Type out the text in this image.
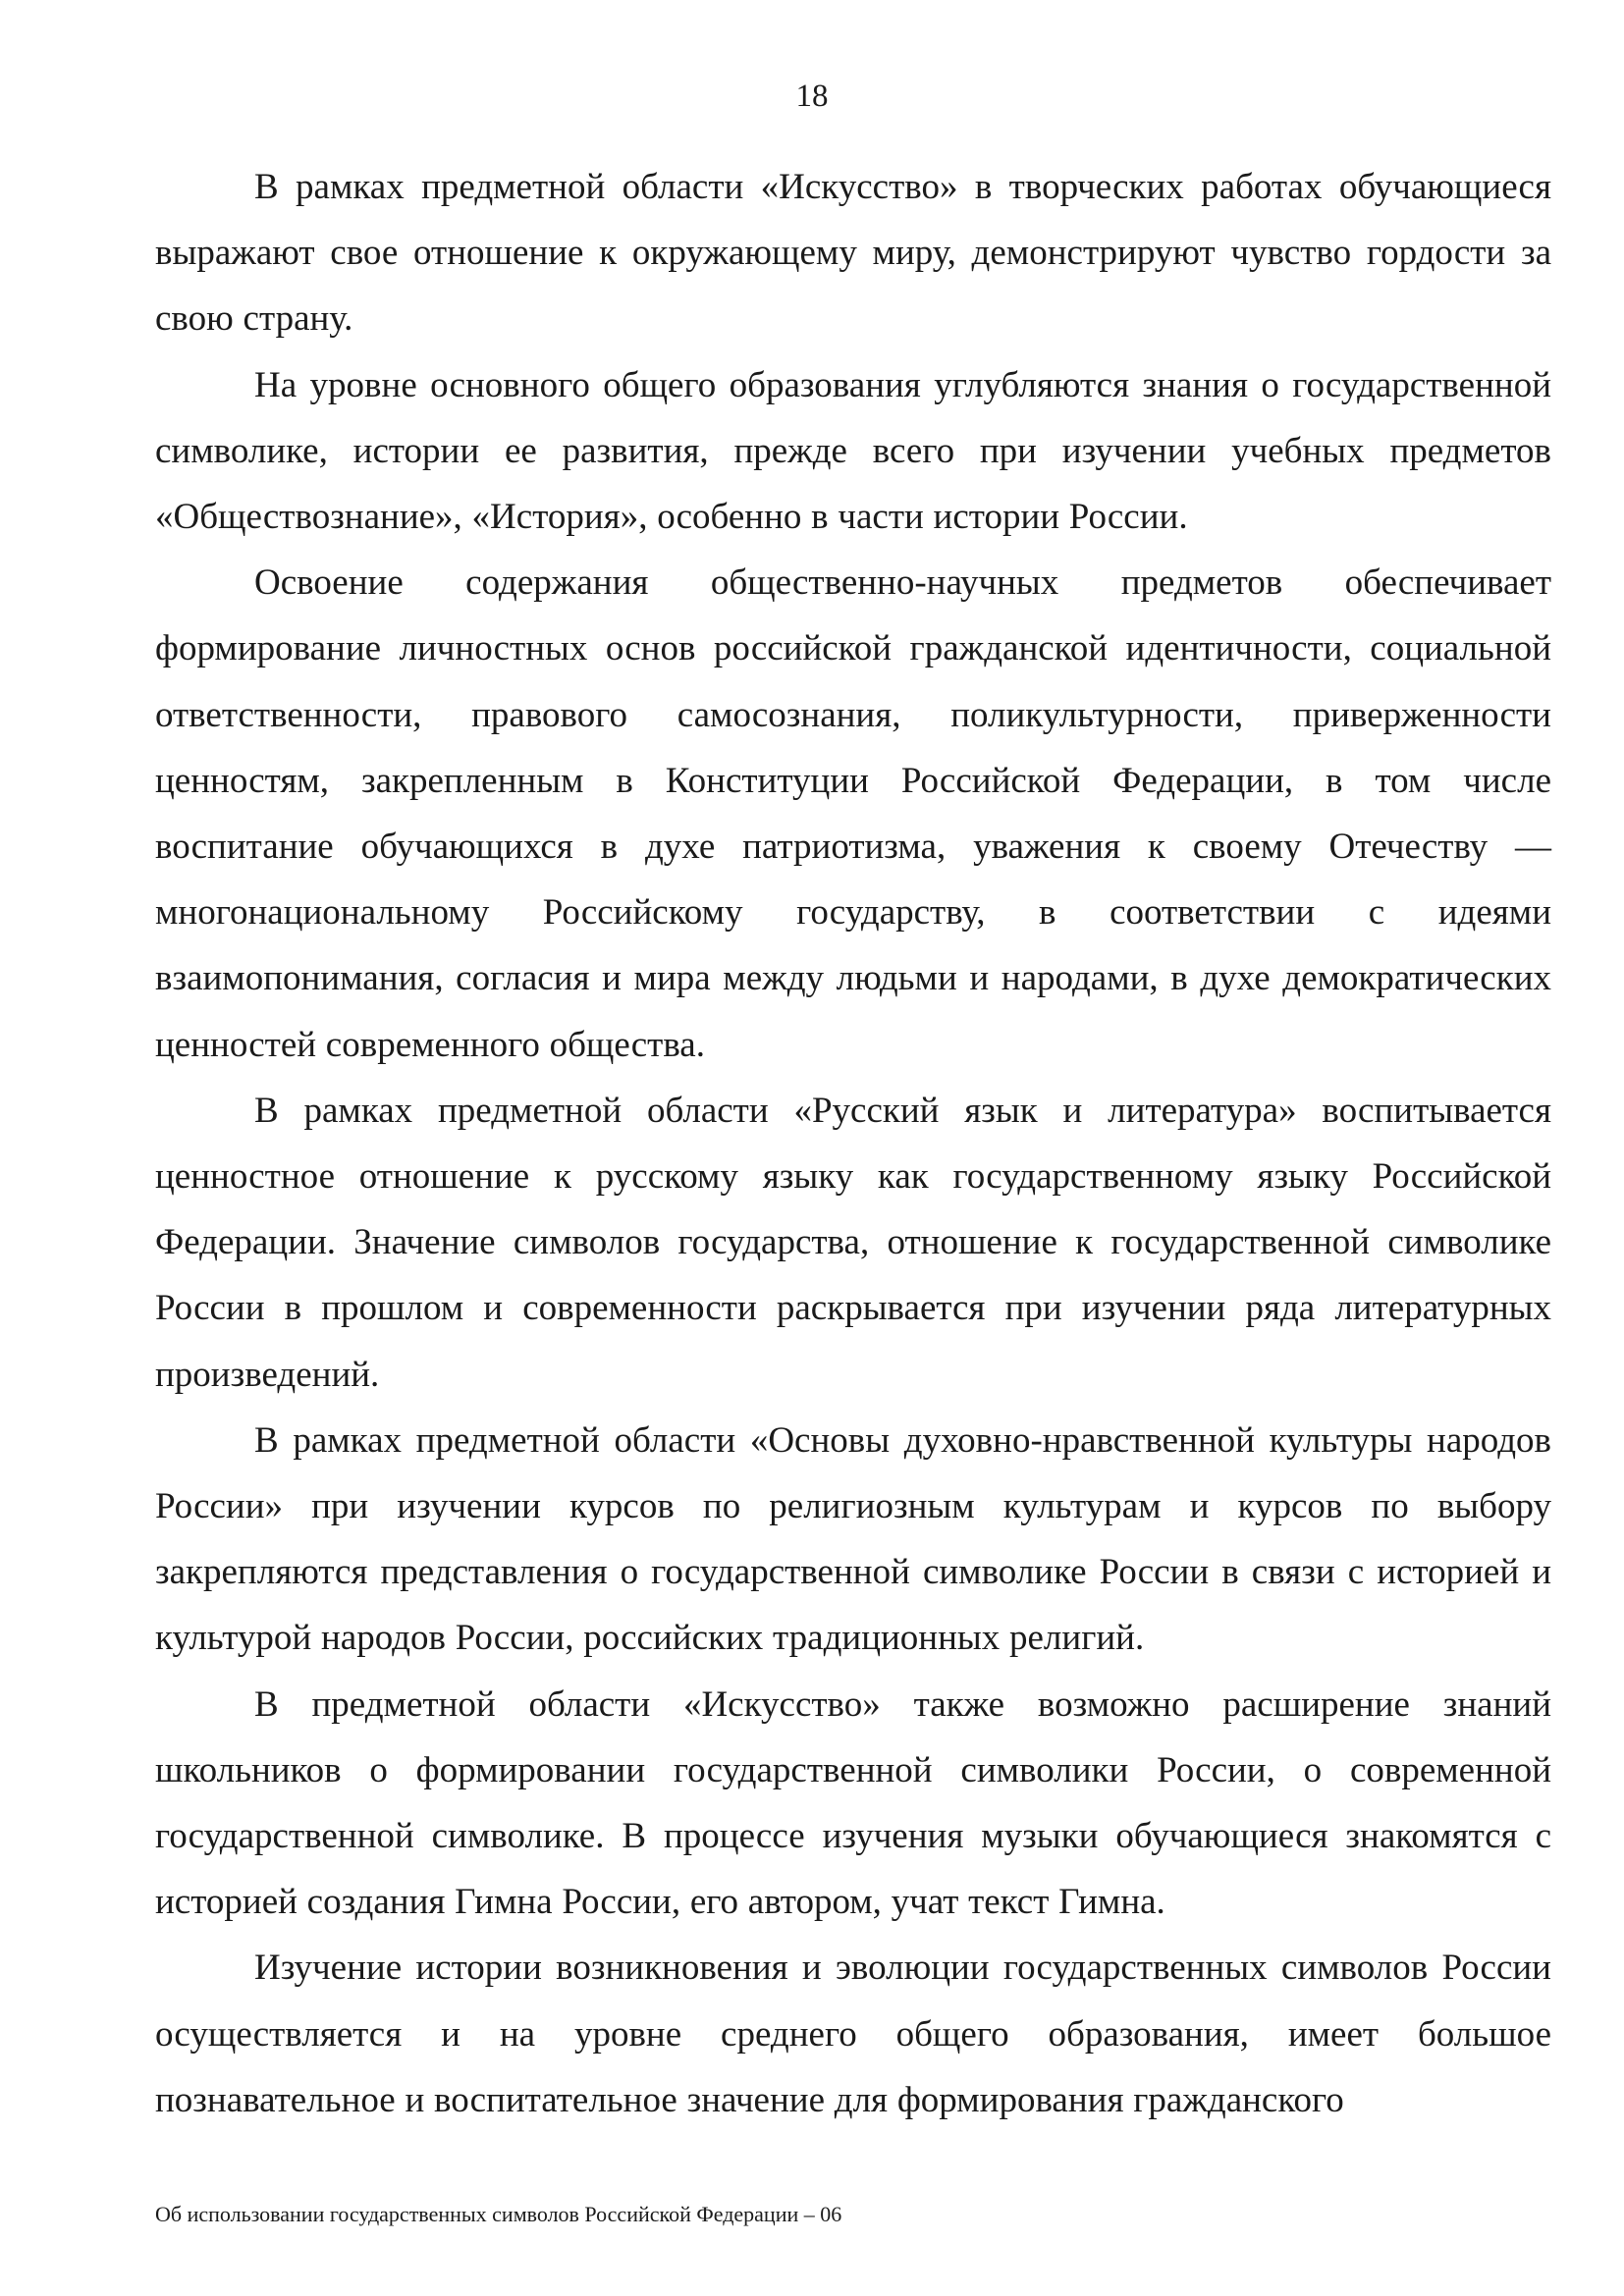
18

В рамках предметной области «Искусство» в творческих работах обучающиеся выражают свое отношение к окружающему миру, демонстрируют чувство гордости за свою страну.

На уровне основного общего образования углубляются знания о государственной символике, истории ее развития, прежде всего при изучении учебных предметов «Обществознание», «История», особенно в части истории России.

Освоение содержания общественно-научных предметов обеспечивает формирование личностных основ российской гражданской идентичности, социальной ответственности, правового самосознания, поликультурности, приверженности ценностям, закрепленным в Конституции Российской Федерации, в том числе воспитание обучающихся в духе патриотизма, уважения к своему Отечеству — многонациональному Российскому государству, в соответствии с идеями взаимопонимания, согласия и мира между людьми и народами, в духе демократических ценностей современного общества.

В рамках предметной области «Русский язык и литература» воспитывается ценностное отношение к русскому языку как государственному языку Российской Федерации. Значение символов государства, отношение к государственной символике России в прошлом и современности раскрывается при изучении ряда литературных произведений.

В рамках предметной области «Основы духовно-нравственной культуры народов России» при изучении курсов по религиозным культурам и курсов по выбору закрепляются представления о государственной символике России в связи с историей и культурой народов России, российских традиционных религий.

В предметной области «Искусство» также возможно расширение знаний школьников о формировании государственной символики России, о современной государственной символике. В процессе изучения музыки обучающиеся знакомятся с историей создания Гимна России, его автором, учат текст Гимна.

Изучение истории возникновения и эволюции государственных символов России осуществляется и на уровне среднего общего образования, имеет большое познавательное и воспитательное значение для формирования гражданского

Об использовании государственных символов Российской Федерации – 06
